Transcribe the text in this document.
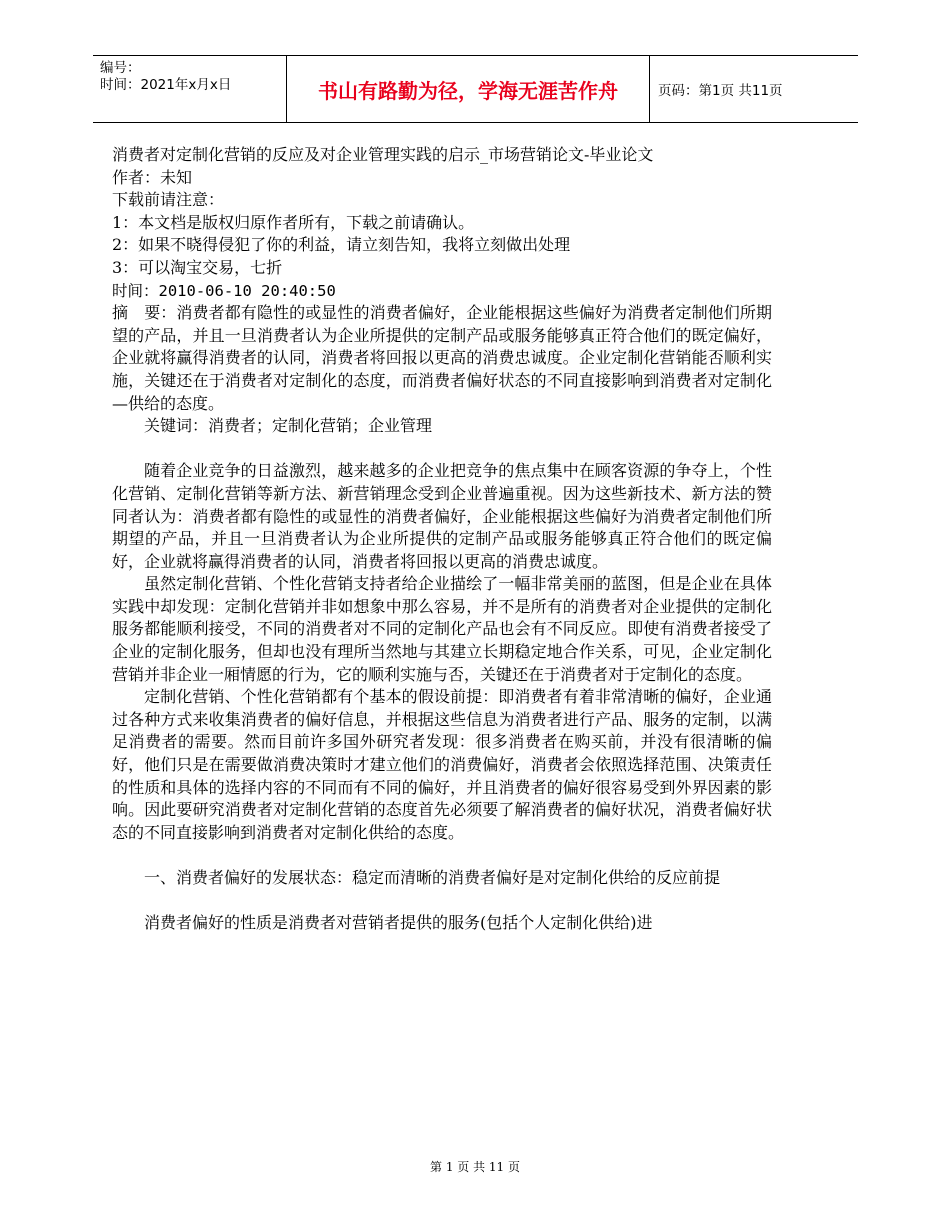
编号：
时间：2021年x月x日	书山有路勤为径，学海无涯苦作舟	页码：第1页 共11页

消费者对定制化营销的反应及对企业管理实践的启示_市场营销论文-毕业论文

作者：未知

下载前请注意：

1：本文档是版权归原作者所有，下载之前请确认。

2：如果不晓得侵犯了你的利益，请立刻告知，我将立刻做出处理

3：可以淘宝交易，七折

时间：2010-06-10 20:40:50

摘　要：消费者都有隐性的或显性的消费者偏好，企业能根据这些偏好为消费者定制他们所期望的产品，并且一旦消费者认为企业所提供的定制产品或服务能够真正符合他们的既定偏好，企业就将赢得消费者的认同，消费者将回报以更高的消费忠诚度。企业定制化营销能否顺利实施，关键还在于消费者对定制化的态度，而消费者偏好状态的不同直接影响到消费者对定制化—供给的态度。

关键词：消费者；定制化营销；企业管理

随着企业竞争的日益激烈，越来越多的企业把竞争的焦点集中在顾客资源的争夺上，个性化营销、定制化营销等新方法、新营销理念受到企业普遍重视。因为这些新技术、新方法的赞同者认为：消费者都有隐性的或显性的消费者偏好，企业能根据这些偏好为消费者定制他们所期望的产品，并且一旦消费者认为企业所提供的定制产品或服务能够真正符合他们的既定偏好，企业就将赢得消费者的认同，消费者将回报以更高的消费忠诚度。

虽然定制化营销、个性化营销支持者给企业描绘了一幅非常美丽的蓝图，但是企业在具体实践中却发现：定制化营销并非如想象中那么容易，并不是所有的消费者对企业提供的定制化服务都能顺利接受，不同的消费者对不同的定制化产品也会有不同反应。即使有消费者接受了企业的定制化服务，但却也没有理所当然地与其建立长期稳定地合作关系，可见，企业定制化营销并非企业一厢情愿的行为，它的顺利实施与否，关键还在于消费者对于定制化的态度。

定制化营销、个性化营销都有个基本的假设前提：即消费者有着非常清晰的偏好，企业通过各种方式来收集消费者的偏好信息，并根据这些信息为消费者进行产品、服务的定制，以满足消费者的需要。然而目前许多国外研究者发现：很多消费者在购买前，并没有很清晰的偏好，他们只是在需要做消费决策时才建立他们的消费偏好，消费者会依照选择范围、决策责任的性质和具体的选择内容的不同而有不同的偏好，并且消费者的偏好很容易受到外界因素的影响。因此要研究消费者对定制化营销的态度首先必须要了解消费者的偏好状况，消费者偏好状态的不同直接影响到消费者对定制化供给的态度。

一、消费者偏好的发展状态：稳定而清晰的消费者偏好是对定制化供给的反应前提

消费者偏好的性质是消费者对营销者提供的服务(包括个人定制化供给)进

第 1 页 共 11 页
